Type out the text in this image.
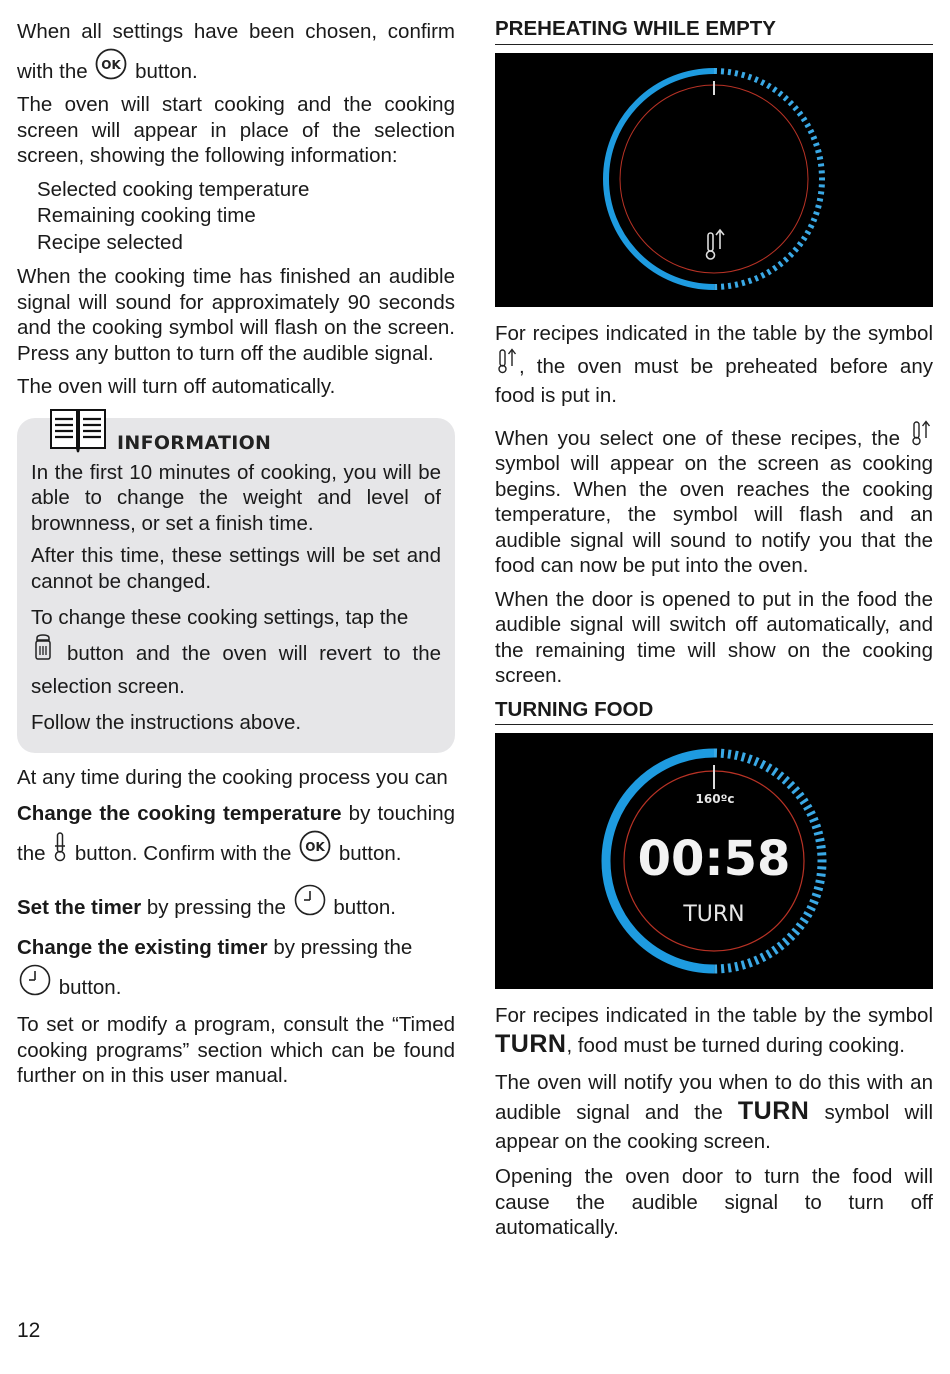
When all settings have been chosen, confirm with the OK button.

The oven will start cooking and the cooking screen will appear in place of the selection screen, showing the following information:

Selected cooking temperature
Remaining cooking time
Recipe selected

When the cooking time has finished an audible signal will sound for approximately 90 seconds and the cooking symbol will flash on the screen. Press any button to turn off the audible signal.

The oven will turn off automatically.

INFORMATION

In the first 10 minutes of cooking, you will be able to change the weight and level of brownness, or set a finish time.

After this time, these settings will be set and cannot be changed.

To change these cooking settings, tap the

button and the oven will revert to the selection screen.

Follow the instructions above.

At any time during the cooking process you can

Change the cooking temperature by touching the button. Confirm with the OK button.

Set the timer by pressing the button.

Change the existing timer by pressing the

button.

To set or modify a program, consult the “Timed cooking programs” section which can be found further on in this user manual.

PREHEATING WHILE EMPTY

For recipes indicated in the table by the symbol
, the oven must be preheated before any food is put in.

When you select one of these recipes, the
symbol will appear on the screen as cooking begins. When the oven reaches the cooking temperature, the symbol will flash and an audible signal will sound to notify you that the food can now be put into the oven.

When the door is opened to put in the food the audible signal will switch off automatically, and the remaining time will show on the cooking screen.

TURNING FOOD
160ºc
00:58
TURN

For recipes indicated in the table by the symbol TURN, food must be turned during cooking.

The oven will notify you when to do this with an audible signal and the TURN symbol will appear on the cooking screen.

Opening the oven door to turn the food will cause the audible signal to turn off automatically.

12
